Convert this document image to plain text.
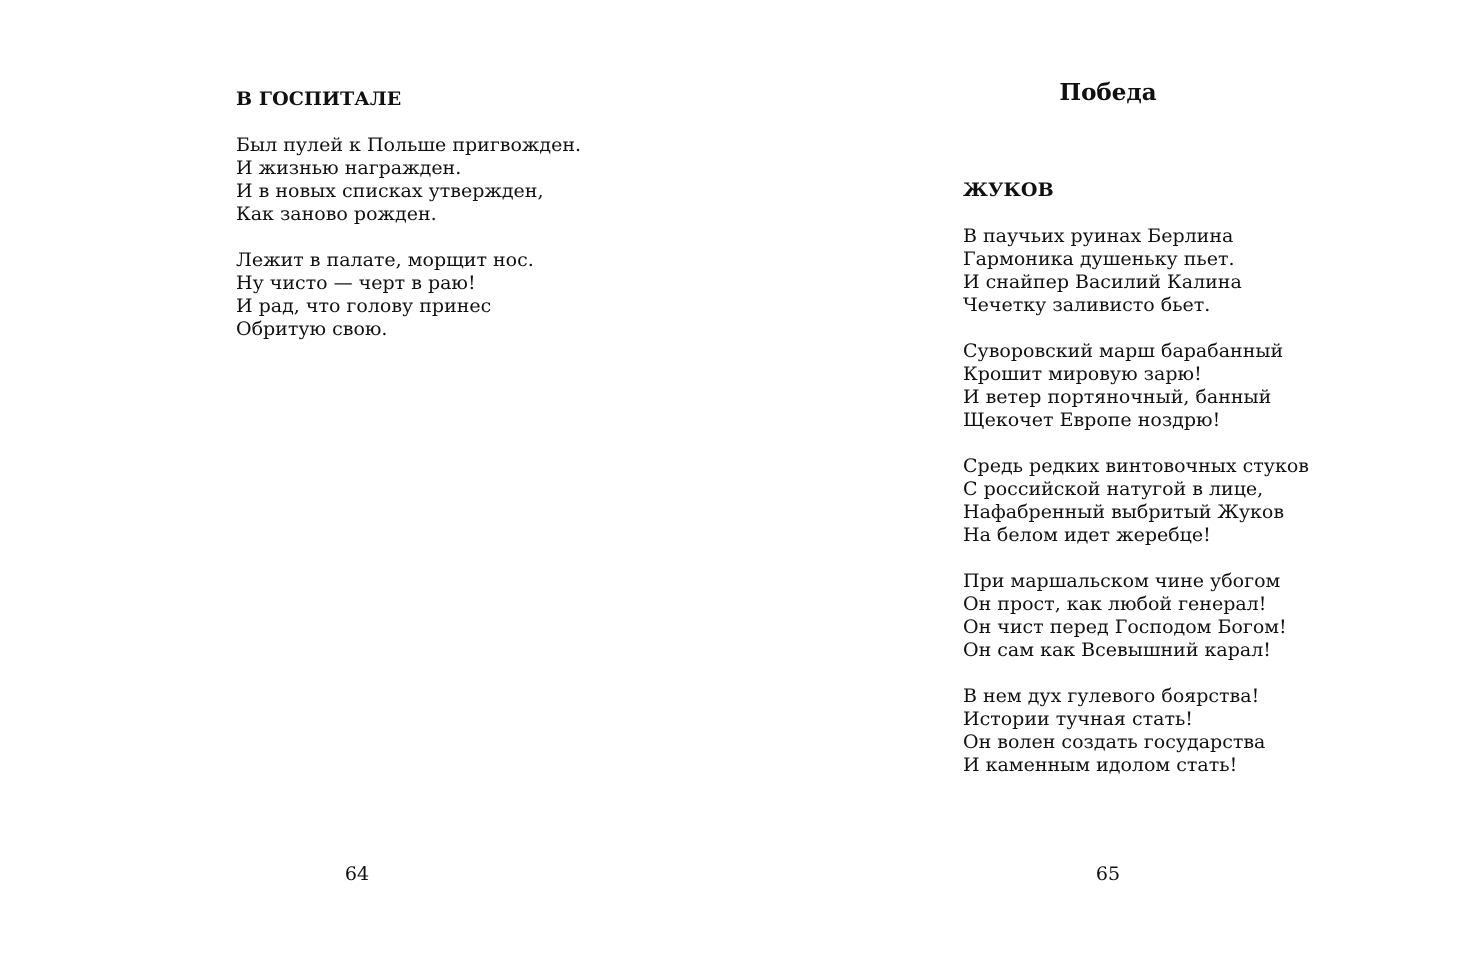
В ГОСПИТАЛЕ

Был пулей к Польше пригвожден.
И жизнью награжден.
И в новых списках утвержден,
Как заново рожден.

Лежит в палате, морщит нос.
Ну чисто — черт в раю!
И рад, что голову принес
Обритую свою.

64
Победа
ЖУКОВ

В паучьих руинах Берлина
Гармоника душеньку пьет.
И снайпер Василий Калина
Чечетку заливисто бьет.

Суворовский марш барабанный
Крошит мировую зарю!
И ветер портяночный, банный
Щекочет Европе ноздрю!

Средь редких винтовочных стуков
С российской натугой в лице,
Нафабренный выбритый Жуков
На белом идет жеребце!

При маршальском чине убогом
Он прост, как любой генерал!
Он чист перед Господом Богом!
Он сам как Всевышний карал!

В нем дух гулевого боярства!
Истории тучная стать!
Он волен создать государства
И каменным идолом стать!

65
